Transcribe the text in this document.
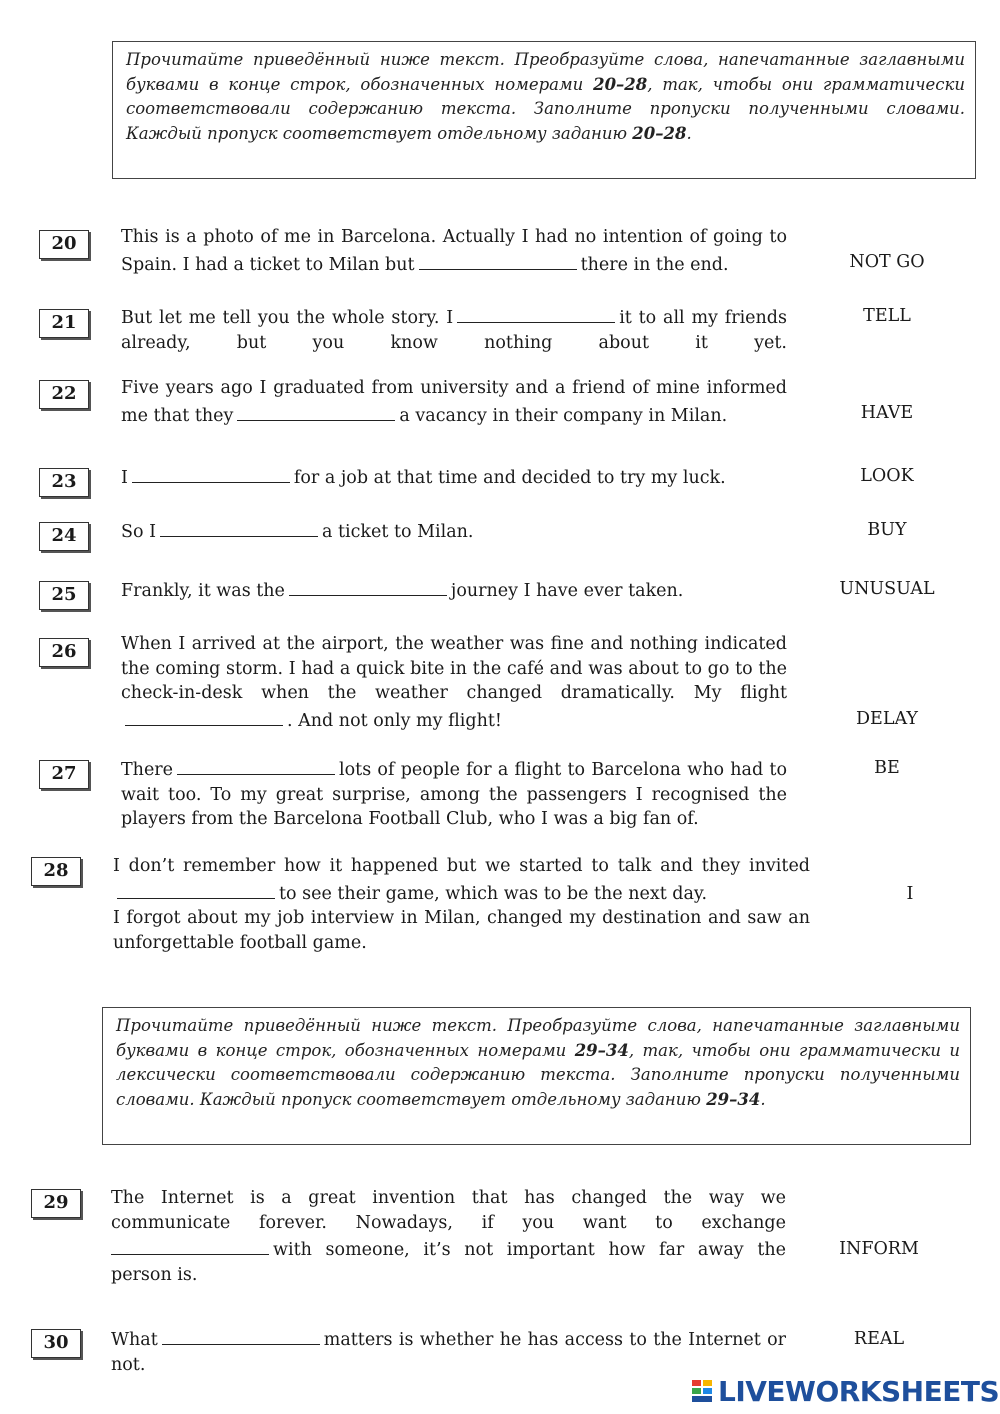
Прочитайте приведённый ниже текст. Преобразуйте слова, напечатанные заглавными буквами в конце строк, обозначенных номерами 20–28, так, чтобы они грамматически соответствовали содержанию текста. Заполните пропуски полученными словами. Каждый пропуск соответствует отдельному заданию 20–28.
20	This is a photo of me in Barcelona. Actually I had no intention of going to Spain. I had a ticket to Milan but	there in the end.	NOT GO
21	But let me tell you the whole story. I	it to all my friends already, but you know nothing about it yet.
TELL
22	Five years ago I graduated from university and a friend of mine informed me that they	a vacancy in their company in Milan.	HAVE
23	I	for a job at that time and decided to try my luck.	LOOK
24	So I	a ticket to Milan.	BUY
25	Frankly, it was the	journey I have ever taken.	UNUSUAL
26	When I arrived at the airport, the weather was fine and nothing indicated the coming storm. I had a quick bite in the café and was about to go to the check-in-desk when the weather changed dramatically. My flight. And not only my flight!	DELAY
27	There	lots of people for a flight to Barcelona who had to wait too. To my great surprise, among the passengers I recognised the players from the Barcelona Football Club, who I was a big fan of.
BE
28	I don’t remember how it happened but we started to talk and they invitedto see their game, which was to be the next day.
I forgot about my job interview in Milan, changed my destination and saw an unforgettable football game.
I
Прочитайте приведённый ниже текст. Преобразуйте слова, напечатанные заглавными буквами в конце строк, обозначенных номерами 29–34, так, чтобы они грамматически и лексически соответствовали содержанию текста. Заполните пропуски полученными словами. Каждый пропуск соответствует отдельному заданию 29–34.
29	The Internet is a great invention that has changed the way we communicate forever. Nowadays, if you want to exchange with someone, it’s not important how far away the person is.
INFORM
30	What	matters is whether he has access to the Internet or not.
REAL
LIVEWORKSHEETS
